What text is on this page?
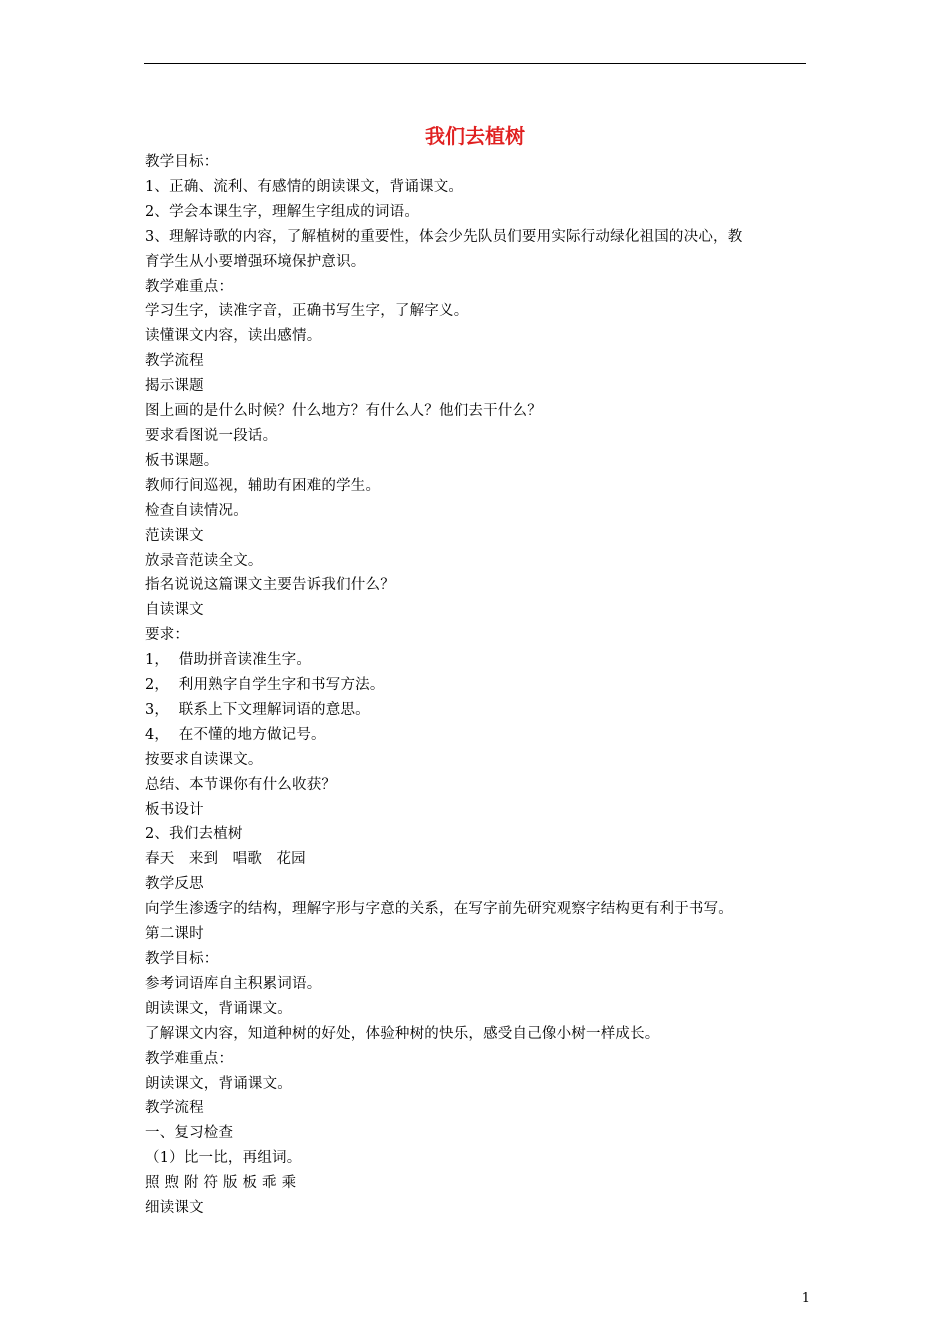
我们去植树
教学目标：
1、正确、流利、有感情的朗读课文，背诵课文。
2、学会本课生字，理解生字组成的词语。
3、理解诗歌的内容，了解植树的重要性，体会少先队员们要用实际行动绿化祖国的决心，教
育学生从小要增强环境保护意识。
教学难重点：
学习生字，读准字音，正确书写生字，了解字义。
读懂课文内容，读出感情。
教学流程
揭示课题
图上画的是什么时候？什么地方？有什么人？他们去干什么？
要求看图说一段话。
板书课题。
教师行间巡视，辅助有困难的学生。
检查自读情况。
范读课文
放录音范读全文。
指名说说这篇课文主要告诉我们什么？
自读课文
要求：
1，  借助拼音读准生字。
2，  利用熟字自学生字和书写方法。
3，  联系上下文理解词语的意思。
4，  在不懂的地方做记号。
按要求自读课文。
总结、本节课你有什么收获？
板书设计
2、我们去植树
春天   来到   唱歌   花园
教学反思
向学生渗透字的结构，理解字形与字意的关系，在写字前先研究观察字结构更有利于书写。
第二课时
教学目标：
参考词语库自主积累词语。
朗读课文，背诵课文。
了解课文内容，知道种树的好处，体验种树的快乐，感受自己像小树一样成长。
教学难重点：
朗读课文，背诵课文。
教学流程
一、复习检查
（1）比一比，再组词。
照 煦 附 符 版 板 乖 乘
细读课文
1
